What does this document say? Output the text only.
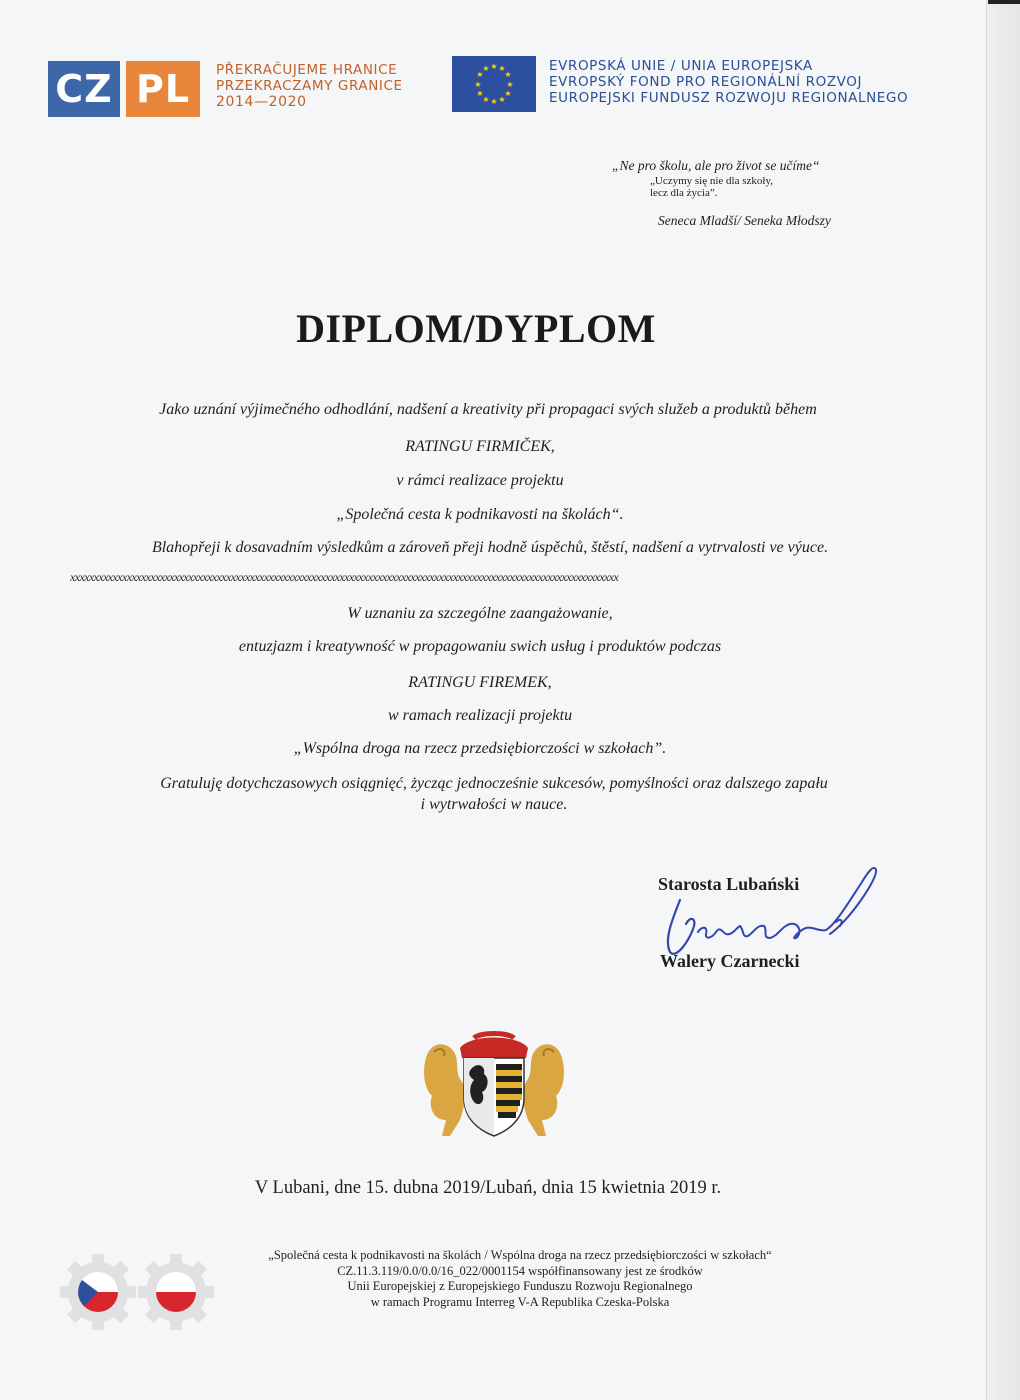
CZ PL	PŘEKRAČUJEME HRANICE
PRZEKRACZAMY GRANICE
2014—2020
★ ★
★
★
★
★
★
★
★
★
★
★	EVROPSKÁ UNIE / UNIA EUROPEJSKA
EVROPSKÝ FOND PRO REGIONÁLNÍ ROZVOJ
EUROPEJSKI FUNDUSZ ROZWOJU REGIONALNEGO
„Ne pro školu, ale pro život se učíme“
„Uczymy się nie dla szkoły,
lecz dla życia”.
Seneca Mladší/ Seneka Młodszy
DIPLOM/DYPLOM
Jako uznání výjimečného odhodlání, nadšení a kreativity při propagaci svých služeb a produktů během
RATINGU FIRMIČEK,
v rámci realizace projektu
„Společná cesta k podnikavosti na školách“.
Blahopřeji k dosavadním výsledkům a zároveň přeji hodně úspěchů, štěstí, nadšení a vytrvalosti ve výuce.
xxxxxxxxxxxxxxxxxxxxxxxxxxxxxxxxxxxxxxxxxxxxxxxxxxxxxxxxxxxxxxxxxxxxxxxxxxxxxxxxxxxxxxxxxxxxxxxxxxxxxxxxxxxxxxxxxxxx
W uznaniu za szczególne zaangażowanie,
entuzjazm i kreatywność w propagowaniu swich usług i produktów podczas
RATINGU FIREMEK,
w ramach realizacji projektu
„Wspólna droga na rzecz przedsiębiorczości w szkołach”.
Gratuluję dotychczasowych osiągnięć, życząc jednocześnie sukcesów, pomyślności oraz dalszego zapału
i wytrwałości w nauce.
Starosta Lubański
Walery Czarnecki
V Lubani, dne 15. dubna 2019/Lubań, dnia 15 kwietnia 2019 r.
„Společná cesta k podnikavosti na školách / Wspólna droga na rzecz przedsiębiorczości w szkołach“
CZ.11.3.119/0.0/0.0/16_022/0001154 współfinansowany jest ze środków
Unii Europejskiej z Europejskiego Funduszu Rozwoju Regionalnego
w ramach Programu Interreg V-A Republika Czeska-Polska
